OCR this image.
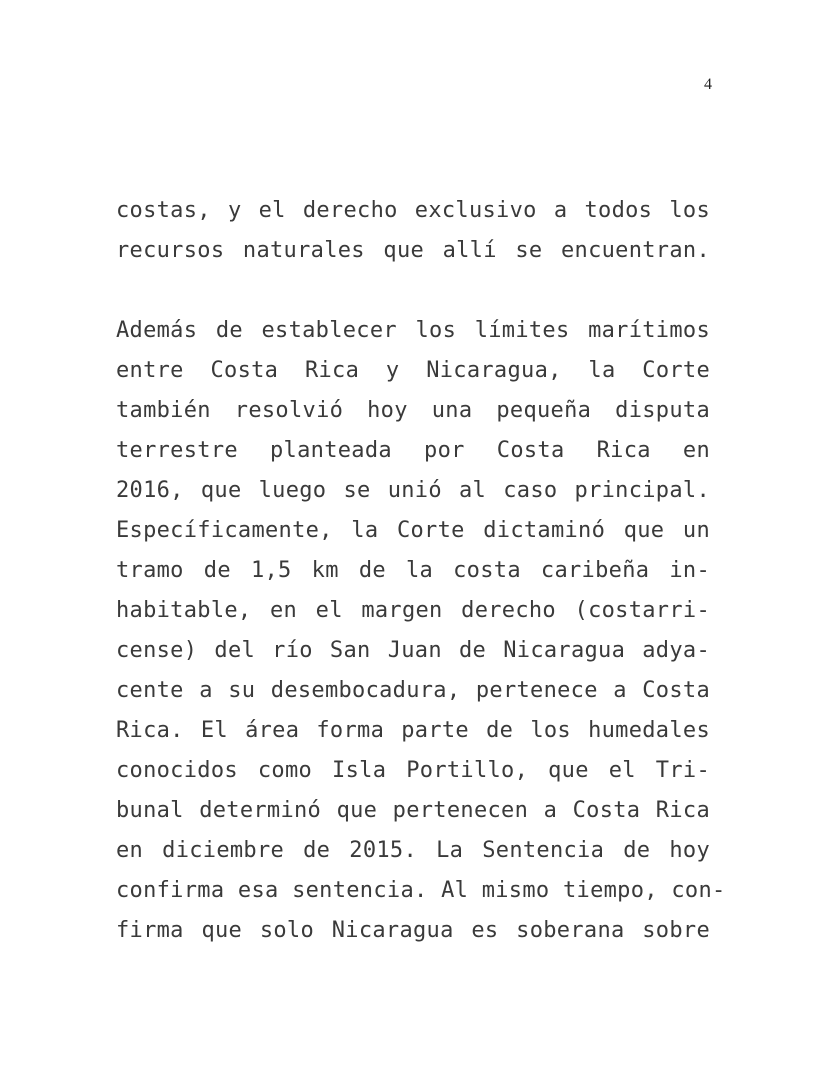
4
costas, y el derecho exclusivo a todos los
recursos naturales que allí se encuentran.
Además de establecer los límites marítimos
entre Costa Rica y Nicaragua, la Corte
también resolvió hoy una pequeña disputa
terrestre planteada por Costa Rica en
2016, que luego se unió al caso principal.
Específicamente, la Corte dictaminó que un
tramo de 1,5 km de la costa caribeña in-
habitable, en el margen derecho (costarri-
cense) del río San Juan de Nicaragua adya-
cente a su desembocadura, pertenece a Costa
Rica. El área forma parte de los humedales
conocidos como Isla Portillo, que el Tri-
bunal determinó que pertenecen a Costa Rica
en diciembre de 2015. La Sentencia de hoy
confirma esa sentencia. Al mismo tiempo, con-
firma que solo Nicaragua es soberana sobre
